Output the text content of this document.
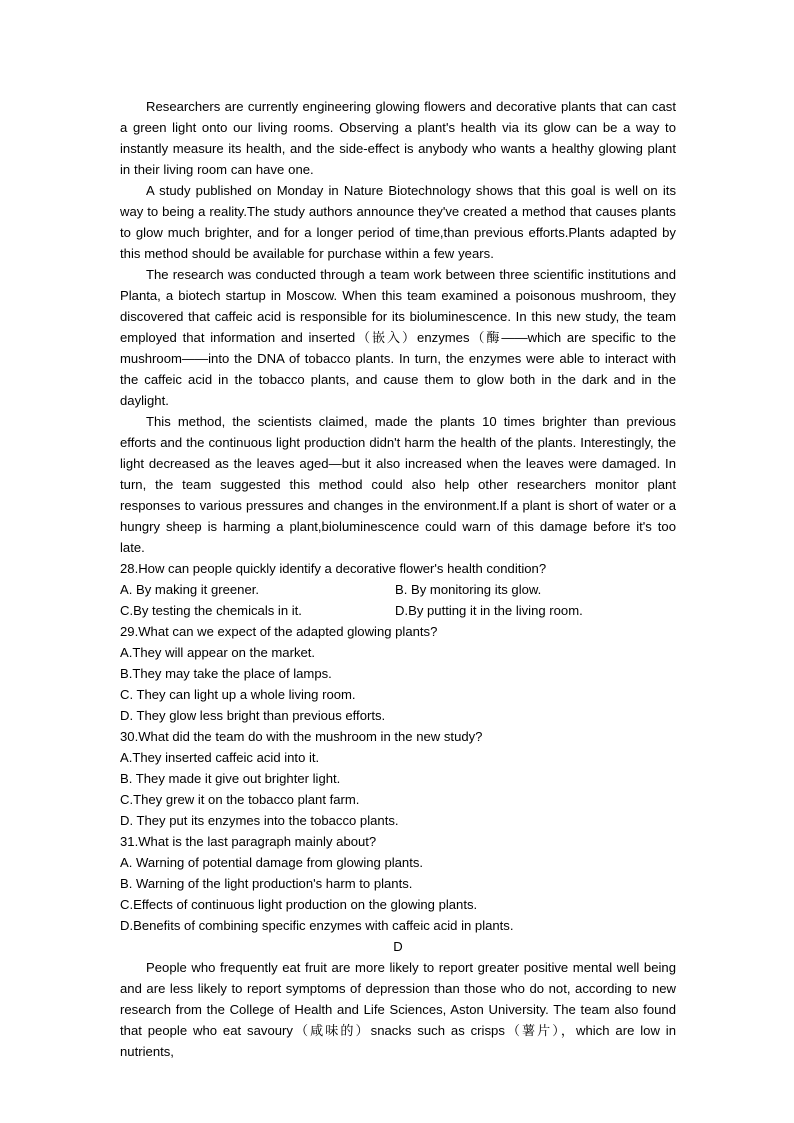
Researchers are currently engineering glowing flowers and decorative plants that can cast a green light onto our living rooms. Observing a plant's health via its glow can be a way to instantly measure its health, and the side-effect is anybody who wants a healthy glowing plant in their living room can have one.

A study published on Monday in Nature Biotechnology shows that this goal is well on its way to being a reality.The study authors announce they've created a method that causes plants to glow much brighter, and for a longer period of time,than previous efforts.Plants adapted by this method should be available for purchase within a few years.

The research was conducted through a team work between three scientific institutions and Planta, a biotech startup in Moscow. When this team examined a poisonous mushroom, they discovered that caffeic acid is responsible for its bioluminescence. In this new study, the team employed that information and inserted（嵌入）enzymes（酶——which are specific to the mushroom——into the DNA of tobacco plants. In turn, the enzymes were able to interact with the caffeic acid in the tobacco plants, and cause them to glow both in the dark and in the daylight.

This method, the scientists claimed, made the plants 10 times brighter than previous efforts and the continuous light production didn't harm the health of the plants. Interestingly, the light decreased as the leaves aged—but it also increased when the leaves were damaged. In turn, the team suggested this method could also help other researchers monitor plant responses to various pressures and changes in the environment.If a plant is short of water or a hungry sheep is harming a plant,bioluminescence could warn of this damage before it's too late.

28.How can people quickly identify a decorative flower's health condition?

A. By making it greener.	B. By monitoring its glow.
C.By testing the chemicals in it.	D.By putting it in the living room.

29.What can we expect of the adapted glowing plants?

A.They will appear on the market.

B.They may take the place of lamps.

C. They can light up a whole living room.

D. They glow less bright than previous efforts.

30.What did the team do with the mushroom in the new study?

A.They inserted caffeic acid into it.

B. They made it give out brighter light.

C.They grew it on the tobacco plant farm.

D. They put its enzymes into the tobacco plants.

31.What is the last paragraph mainly about?

A. Warning of potential damage from glowing plants.

B. Warning of the light production's harm to plants.

C.Effects of continuous light production on the glowing plants.

D.Benefits of combining specific enzymes with caffeic acid in plants.

D

People who frequently eat fruit are more likely to report greater positive mental well being and are less likely to report symptoms of depression than those who do not, according to new research from the College of Health and Life Sciences, Aston University. The team also found that people who eat savoury（咸味的）snacks such as crisps（薯片），which are low in nutrients,
